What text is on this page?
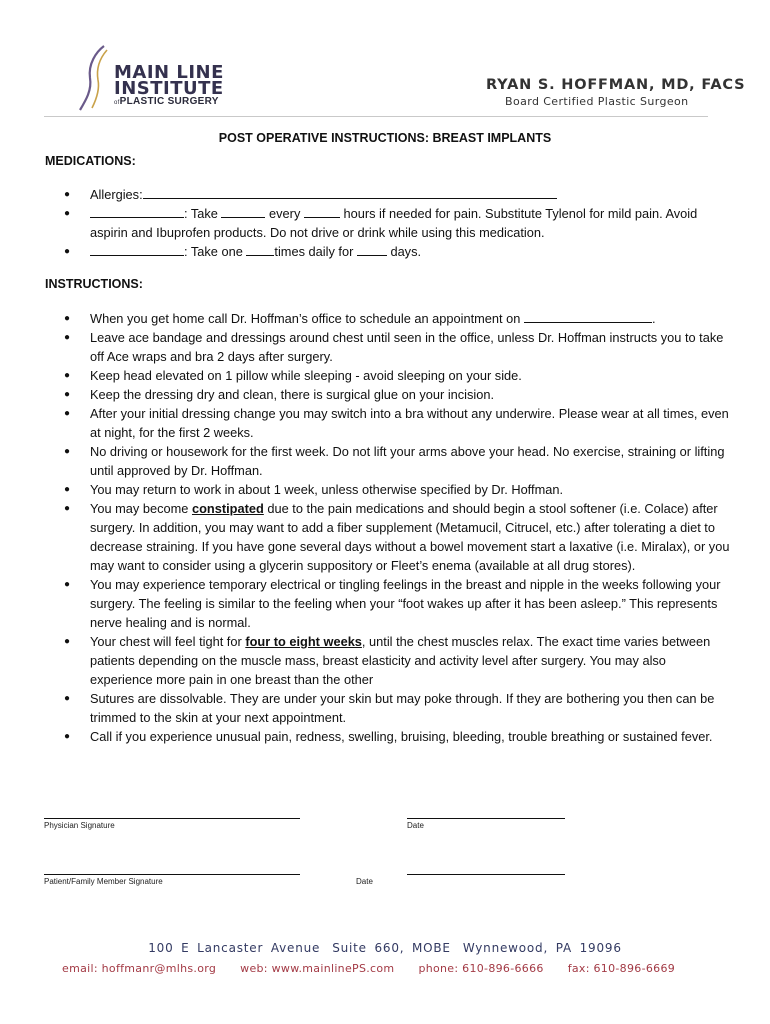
MAIN LINE
INSTITUTE
ofPLASTIC SURGERY
RYAN S. HOFFMAN, MD, FACS
Board Certified Plastic Surgeon
POST OPERATIVE INSTRUCTIONS: BREAST IMPLANTS
MEDICATIONS:
● Allergies:
● : Take	every	hours if needed for pain. Substitute Tylenol for mild pain. Avoid aspirin and Ibuprofen products. Do not drive or drink while using this medication.
● : Take one times daily for	days.
INSTRUCTIONS:
● When you get home call Dr. Hoffman’s office to schedule an appointment on	.
● Leave ace bandage and dressings around chest until seen in the office, unless Dr. Hoffman instructs you to take off Ace wraps and bra 2 days after surgery.
● Keep head elevated on 1 pillow while sleeping - avoid sleeping on your side.
● Keep the dressing dry and clean, there is surgical glue on your incision.
● After your initial dressing change you may switch into a bra without any underwire. Please wear at all times, even at night, for the first 2 weeks.
● No driving or housework for the first week. Do not lift your arms above your head. No exercise, straining or lifting until approved by Dr. Hoffman.
● You may return to work in about 1 week, unless otherwise specified by Dr. Hoffman.
● You may become constipated due to the pain medications and should begin a stool softener (i.e. Colace) after surgery. In addition, you may want to add a fiber supplement (Metamucil, Citrucel, etc.) after tolerating a diet to decrease straining. If you have gone several days without a bowel movement start a laxative (i.e. Miralax), or you may want to consider using a glycerin suppository or Fleet’s enema (available at all drug stores).
● You may experience temporary electrical or tingling feelings in the breast and nipple in the weeks following your surgery. The feeling is similar to the feeling when your “foot wakes up after it has been asleep.” This represents nerve healing and is normal.
● Your chest will feel tight for four to eight weeks, until the chest muscles relax. The exact time varies between patients depending on the muscle mass, breast elasticity and activity level after surgery. You may also experience more pain in one breast than the other
● Sutures are dissolvable. They are under your skin but may poke through. If they are bothering you then can be trimmed to the skin at your next appointment.
● Call if you experience unusual pain, redness, swelling, bruising, bleeding, trouble breathing or sustained fever.
Physician Signature	Date
Patient/Family Member Signature	Date
100 E Lancaster Avenue Suite 660, MOBE Wynnewood, PA 19096
email: hoffmanr@mlhs.org web: www.mainlinePS.com phone: 610-896-6666 fax: 610-896-6669
